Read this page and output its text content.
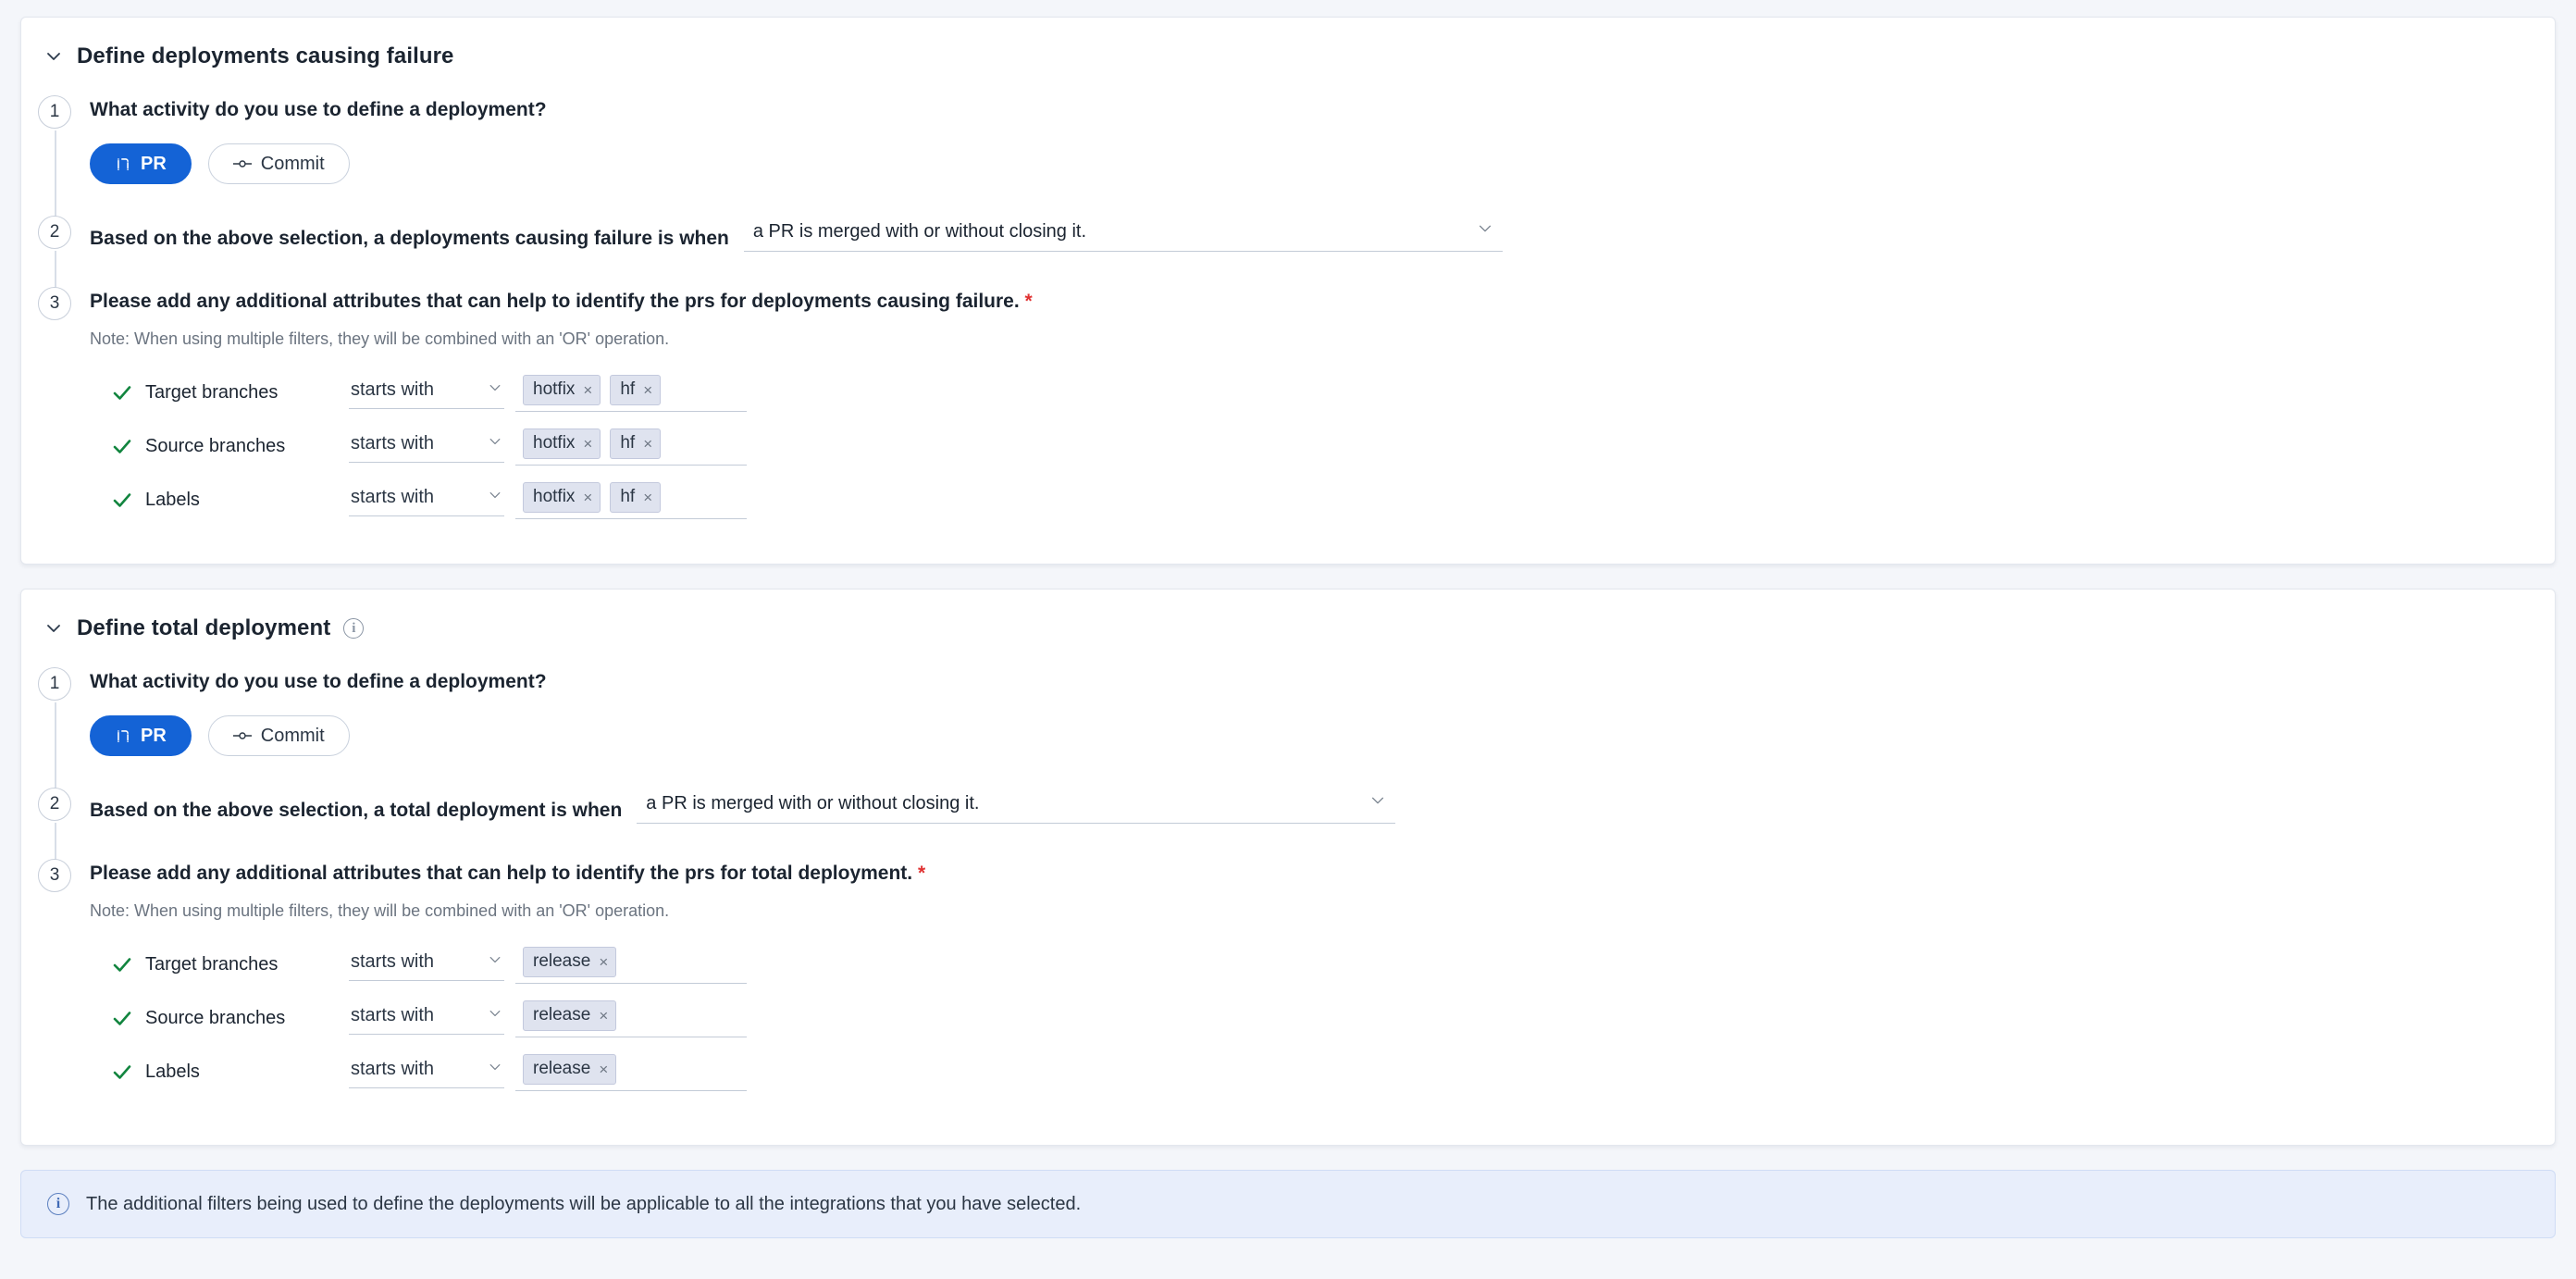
Define deployments causing failure
1	What activity do you use to define a deployment?
PR	Commit
2	Based on the above selection, a deployments causing failure is when a PR is merged with or without closing it.
3	Please add any additional attributes that can help to identify the prs for deployments causing failure. *
Note: When using multiple filters, they will be combined with an 'OR' operation.
Target branches	starts with	hotfix × hf ×
Source branches	starts with	hotfix × hf ×
Labels	starts with	hotfix × hf ×
Define total deployment	i
1	What activity do you use to define a deployment?
PR	Commit
2	Based on the above selection, a total deployment is when a PR is merged with or without closing it.
3	Please add any additional attributes that can help to identify the prs for total deployment. *
Note: When using multiple filters, they will be combined with an 'OR' operation.
Target branches	starts with	release ×
Source branches	starts with	release ×
Labels	starts with	release ×
i	The additional filters being used to define the deployments will be applicable to all the integrations that you have selected.
